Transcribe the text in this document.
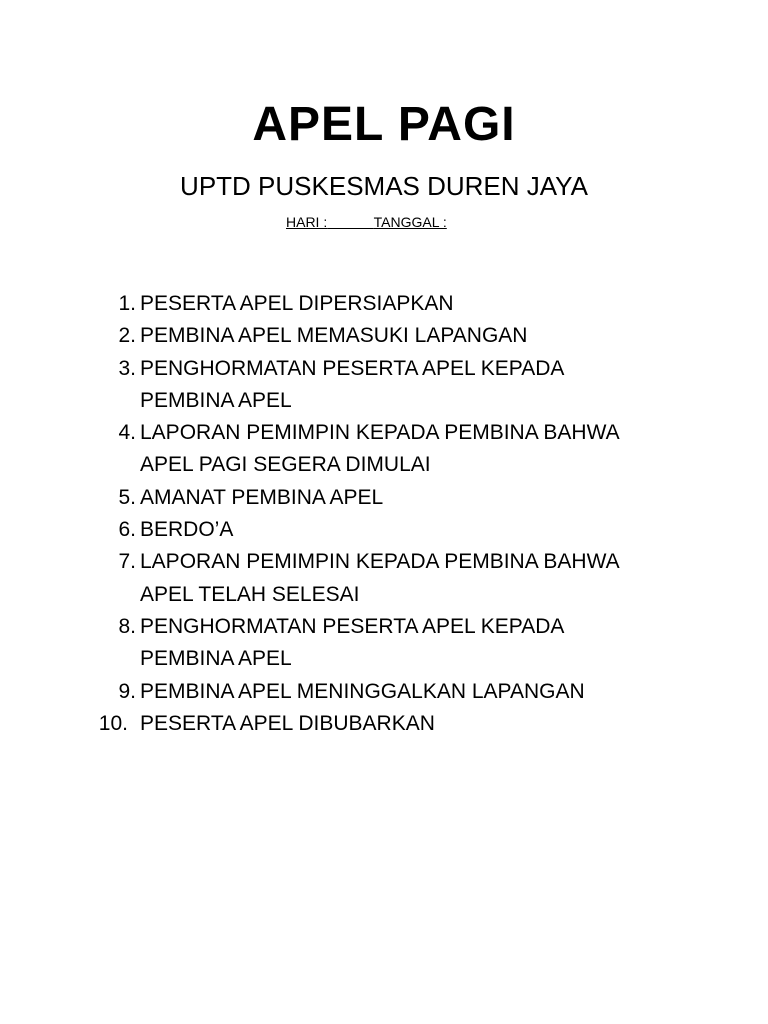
APEL PAGI
UPTD PUSKESMAS DUREN JAYA
HARI :	TANGGAL :
1. PESERTA APEL DIPERSIAPKAN
2. PEMBINA APEL MEMASUKI LAPANGAN
3. PENGHORMATAN PESERTA APEL KEPADA PEMBINA APEL
4. LAPORAN PEMIMPIN KEPADA PEMBINA BAHWA APEL PAGI SEGERA DIMULAI
5. AMANAT PEMBINA APEL
6. BERDO’A
7. LAPORAN PEMIMPIN KEPADA PEMBINA BAHWA APEL TELAH SELESAI
8. PENGHORMATAN PESERTA APEL KEPADA PEMBINA APEL
9. PEMBINA APEL MENINGGALKAN LAPANGAN
10. PESERTA APEL DIBUBARKAN
